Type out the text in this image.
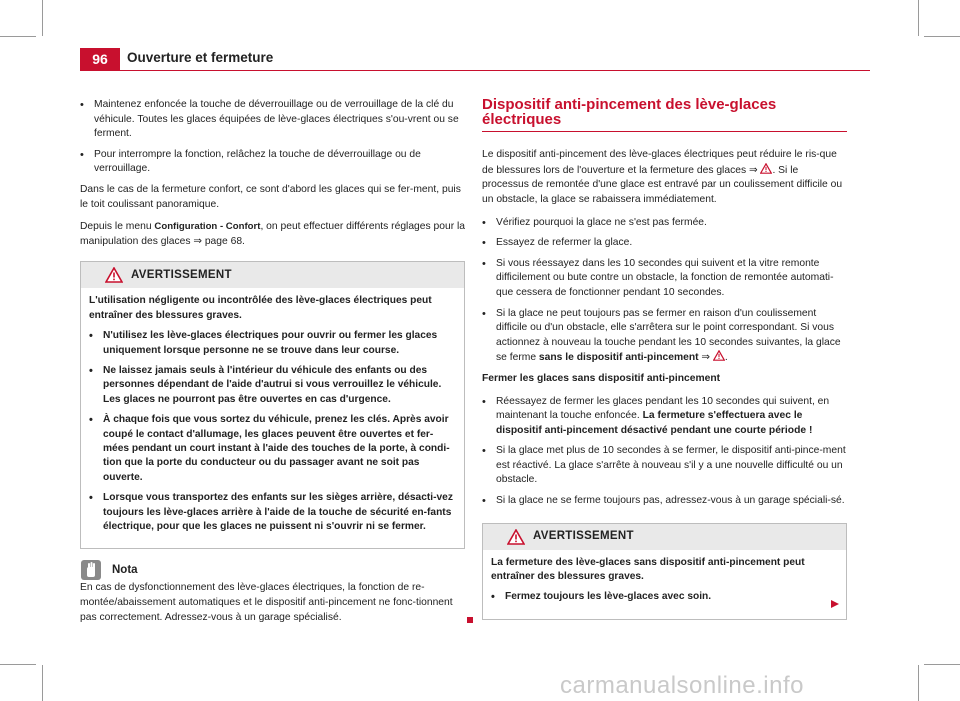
96	Ouverture et fermeture
• Maintenez enfoncée la touche de déverrouillage ou de verrouillage de la clé du véhicule. Toutes les glaces équipées de lève-glaces électriques s'ou-vrent ou se ferment.
• Pour interrompre la fonction, relâchez la touche de déverrouillage ou de verrouillage.

Dans le cas de la fermeture confort, ce sont d'abord les glaces qui se fer-ment, puis le toit coulissant panoramique.

Depuis le menu Configuration - Confort, on peut effectuer différents réglages pour la manipulation des glaces ⇒ page 68.

AVERTISSEMENT

L'utilisation négligente ou incontrôlée des lève-glaces électriques peut entraîner des blessures graves.

• N'utilisez les lève-glaces électriques pour ouvrir ou fermer les glaces uniquement lorsque personne ne se trouve dans leur course.
• Ne laissez jamais seuls à l'intérieur du véhicule des enfants ou des personnes dépendant de l'aide d'autrui si vous verrouillez le véhicule. Les glaces ne pourront pas être ouvertes en cas d'urgence.
• À chaque fois que vous sortez du véhicule, prenez les clés. Après avoir coupé le contact d'allumage, les glaces peuvent être ouvertes et fer-mées pendant un court instant à l'aide des touches de la porte, à condi-tion que la porte du conducteur ou du passager avant ne soit pas ouverte.
• Lorsque vous transportez des enfants sur les sièges arrière, désacti-vez toujours les lève-glaces arrière à l'aide de la touche de sécurité en-fants électrique, pour que les glaces ne puissent ni s'ouvrir ni se fermer.
Nota

En cas de dysfonctionnement des lève-glaces électriques, la fonction de re-montée/abaissement automatiques et le dispositif anti-pincement ne fonc-tionnent pas correctement. Adressez-vous à un garage spécialisé.

Dispositif anti-pincement des lève-glaces électriques

Le dispositif anti-pincement des lève-glaces électriques peut réduire le ris-que de blessures lors de l'ouverture et la fermeture des glaces ⇒ . Si le processus de remontée d'une glace est entravé par un coulissement difficile ou un obstacle, la glace se rabaissera immédiatement.

• Vérifiez pourquoi la glace ne s'est pas fermée.
• Essayez de refermer la glace.
• Si vous réessayez dans les 10 secondes qui suivent et la vitre remonte difficilement ou bute contre un obstacle, la fonction de remontée automati-que cessera de fonctionner pendant 10 secondes.
• Si la glace ne peut toujours pas se fermer en raison d'un coulissement difficile ou d'un obstacle, elle s'arrêtera sur le point correspondant. Si vous actionnez à nouveau la touche pendant les 10 secondes suivantes, la glace se ferme sans le dispositif anti-pincement ⇒ .

Fermer les glaces sans dispositif anti-pincement

• Réessayez de fermer les glaces pendant les 10 secondes qui suivent, en maintenant la touche enfoncée. La fermeture s'effectuera avec le dispositif anti-pincement désactivé pendant une courte période !
• Si la glace met plus de 10 secondes à se fermer, le dispositif anti-pince-ment est réactivé. La glace s'arrête à nouveau s'il y a une nouvelle difficulté ou un obstacle.
• Si la glace ne se ferme toujours pas, adressez-vous à un garage spéciali-sé.
AVERTISSEMENT

La fermeture des lève-glaces sans dispositif anti-pincement peut entraîner des blessures graves.

• Fermez toujours les lève-glaces avec soin.
carmanualsonline.info
